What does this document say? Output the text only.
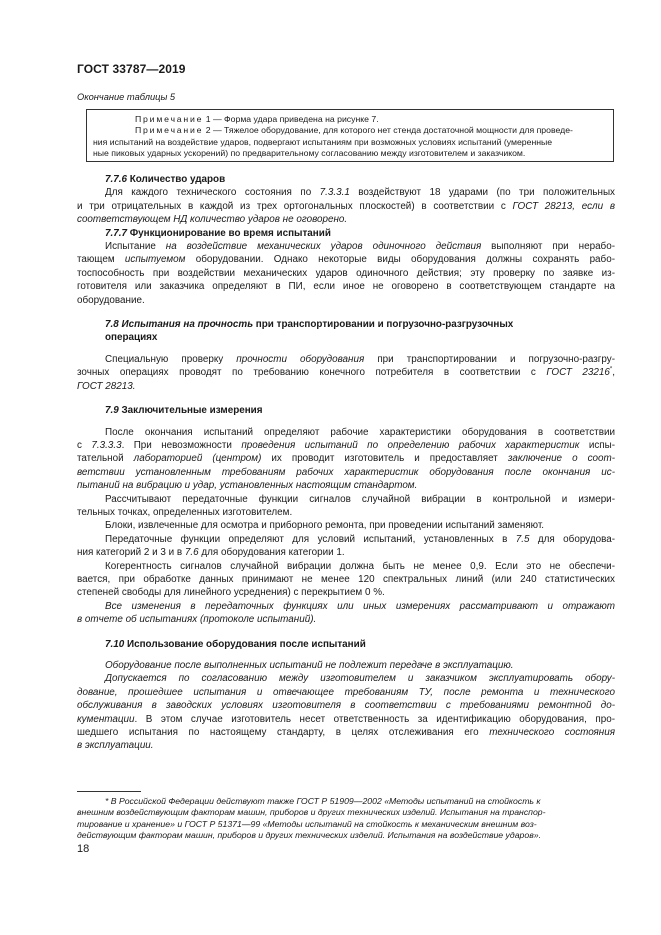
ГОСТ 33787—2019
Окончание таблицы 5
Примечание 1 — Форма удара приведена на рисунке 7.
Примечание 2 — Тяжелое оборудование, для которого нет стенда достаточной мощности для проведе-
ния испытаний на воздействие ударов, подвергают испытаниям при возможных условиях испытаний (умеренные
ные пиковых ударных ускорений) по предварительному согласованию между изготовителем и заказчиком.

7.7.6 Количество ударов

Для каждого технического состояния по 7.3.3.1 воздействуют 18 ударами (по три положительных

и три отрицательных в каждой из трех ортогональных плоскостей) в соответствии с ГОСТ 28213, если в

соответствующем НД количество ударов не оговорено.

7.7.7 Функционирование во время испытаний

Испытание на воздействие механических ударов одиночного действия выполняют при нерабо-

тающем испытуемом оборудовании. Однако некоторые виды оборудования должны сохранять рабо-

тоспособность при воздействии механических ударов одиночного действия; эту проверку по заявке из-

готовителя или заказчика определяют в ПИ, если иное не оговорено в соответствующем стандарте на

оборудование.

7.8 Испытания на прочность при транспортировании и погрузочно-разгрузочных

операциях

Специальную проверку прочности оборудования при транспортировании и погрузочно-разгру-

зочных операциях проводят по требованию конечного потребителя в соответствии с ГОСТ 23216*,

ГОСТ 28213.

7.9 Заключительные измерения

После окончания испытаний определяют рабочие характеристики оборудования в соответствии

с 7.3.3.3. При невозможности проведения испытаний по определению рабочих характеристик испы-

тательной лабораторией (центром) их проводит изготовитель и предоставляет заключение о соот-

ветствии установленным требованиям рабочих характеристик оборудования после окончания ис-

пытаний на вибрацию и удар, установленных настоящим стандартом.

Рассчитывают передаточные функции сигналов случайной вибрации в контрольной и измери-

тельных точках, определенных изготовителем.

Блоки, извлеченные для осмотра и приборного ремонта, при проведении испытаний заменяют.

Передаточные функции определяют для условий испытаний, установленных в 7.5 для оборудова-

ния категорий 2 и 3 и в 7.6 для оборудования категории 1.

Когерентность сигналов случайной вибрации должна быть не менее 0,9. Если это не обеспечи-

вается, при обработке данных принимают не менее 120 спектральных линий (или 240 статистических

степеней свободы для линейного усреднения) с перекрытием 0 %.

Все изменения в передаточных функциях или иных измерениях рассматривают и отражают

в отчете об испытаниях (протоколе испытаний).

7.10 Использование оборудования после испытаний

Оборудование после выполненных испытаний не подлежит передаче в эксплуатацию.

Допускается по согласованию между изготовителем и заказчиком эксплуатировать обору-

дование, прошедшее испытания и отвечающее требованиям ТУ, после ремонта и технического

обслуживания в заводских условиях изготовителя в соответствии с требованиями ремонтной до-

кументации. В этом случае изготовитель несет ответственность за идентификацию оборудования, про-

шедшего испытания по настоящему стандарту, в целях отслеживания его технического состояния

в эксплуатации.

* В Российской Федерации действуют также ГОСТ Р 51909—2002 «Методы испытаний на стойкость к
внешним воздействующим факторам машин, приборов и других технических изделий. Испытания на транспор-
тирование и хранение» и ГОСТ Р 51371—99 «Методы испытаний на стойкость к механическим внешним воз-
действующим факторам машин, приборов и других технических изделий. Испытания на воздействие ударов».
18
